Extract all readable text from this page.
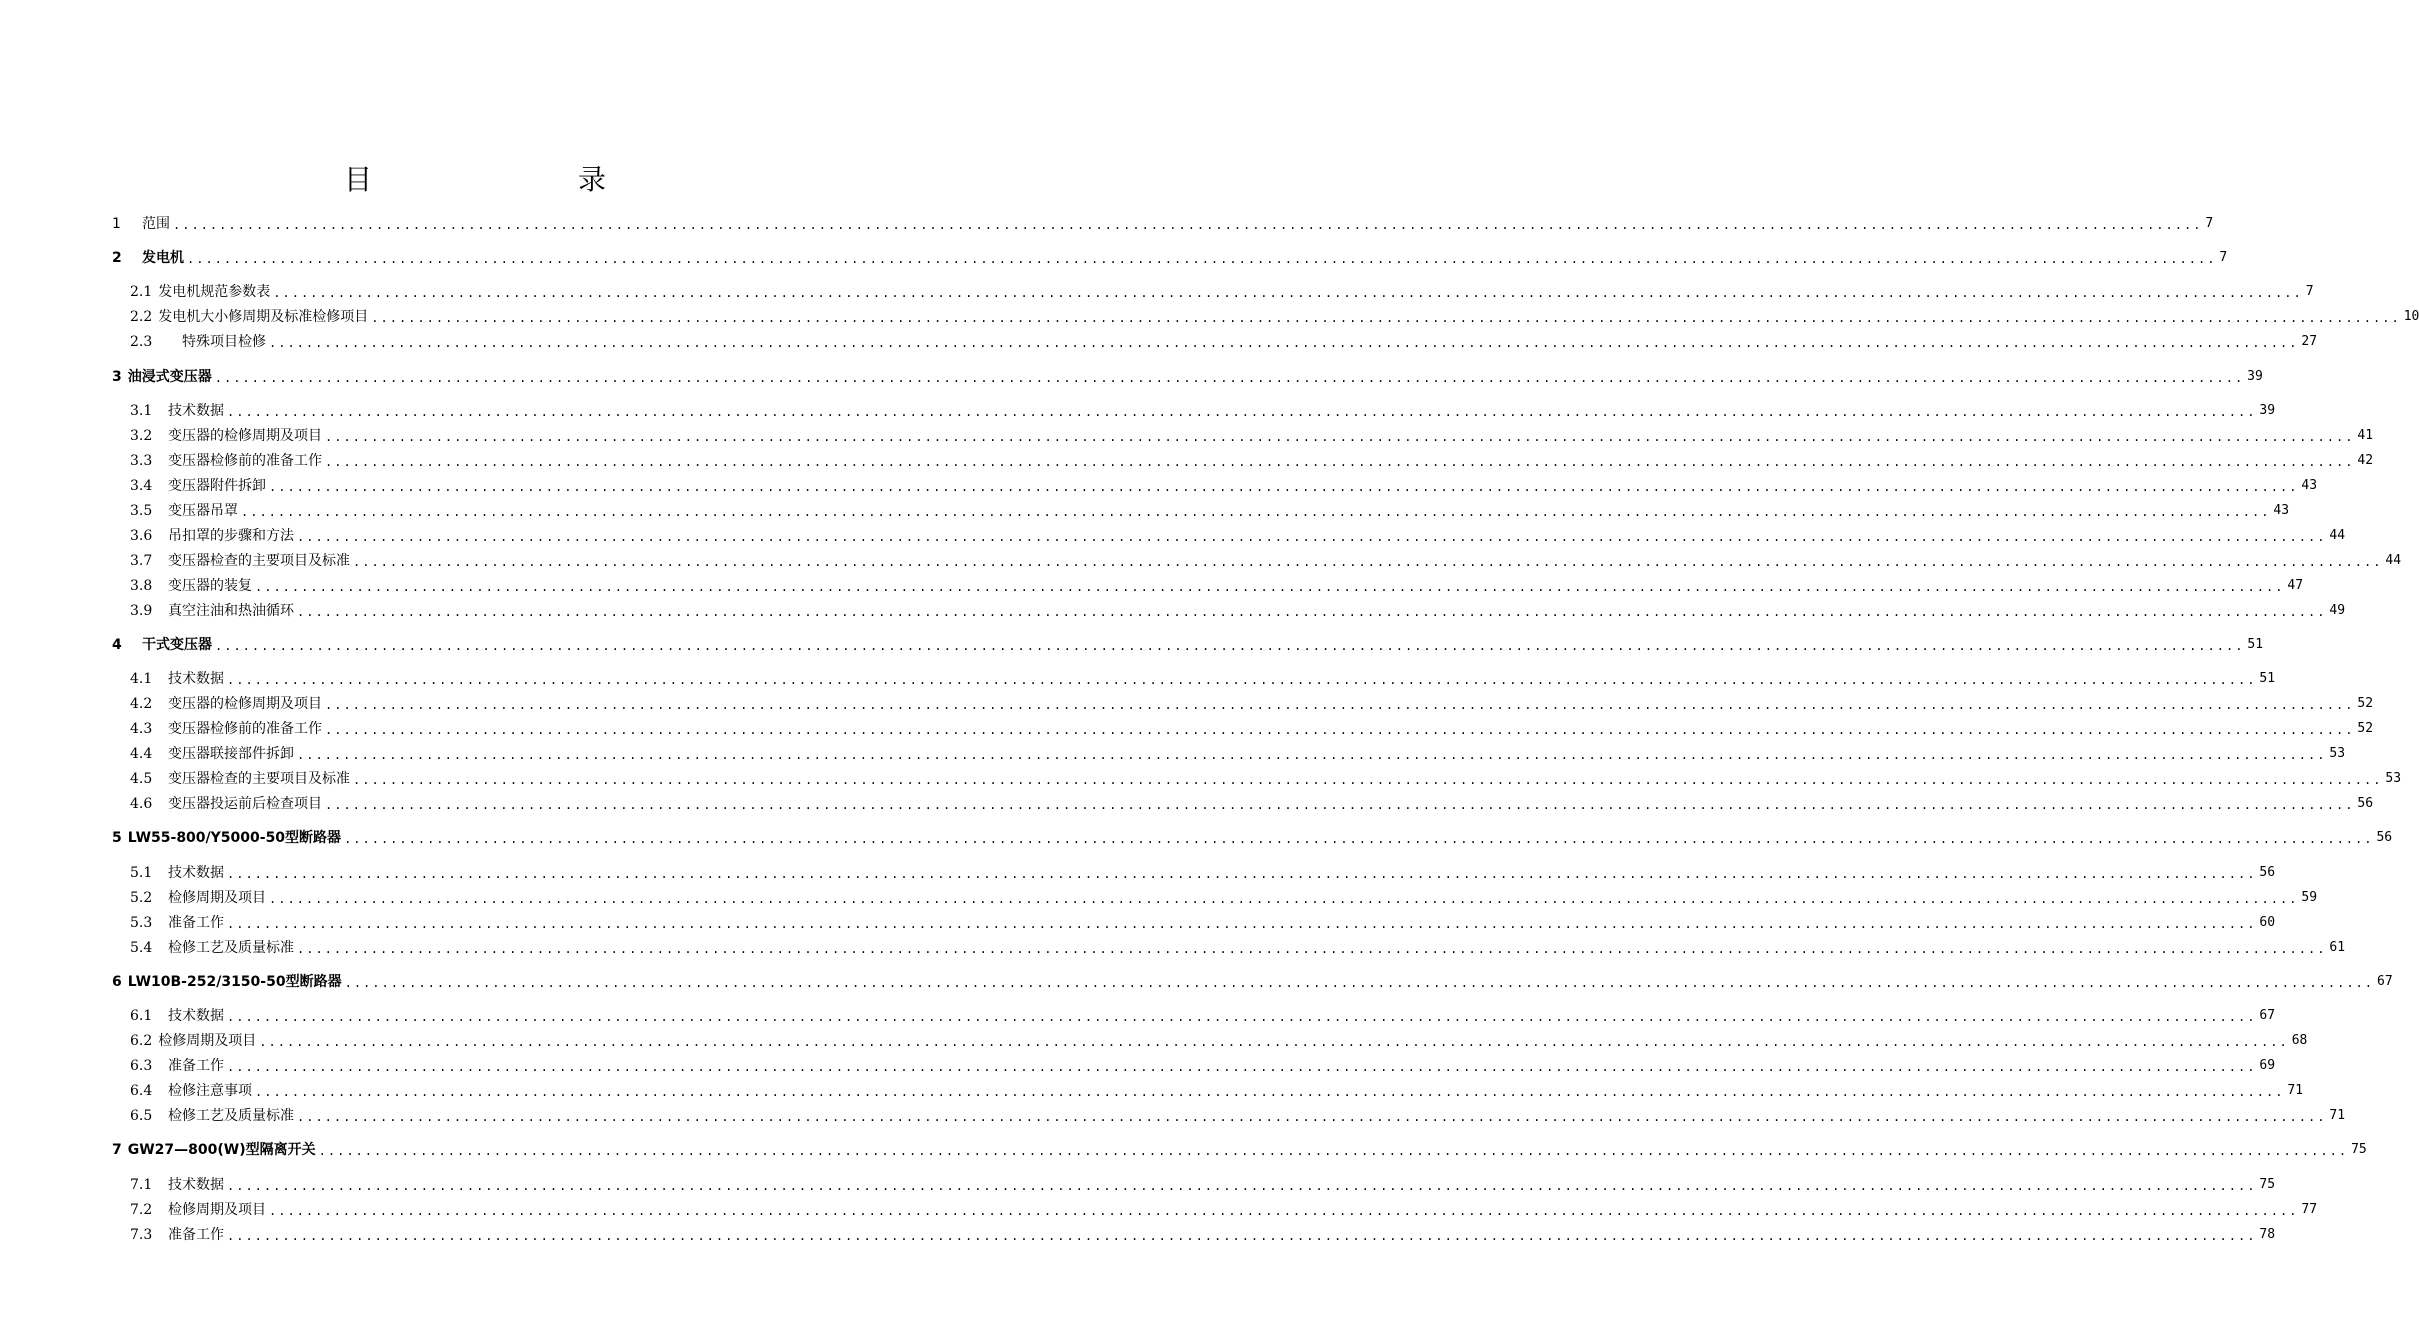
目　　录
1	范围 ............................................................................................................................................................................................................................ 7
2	发电机 ............................................................................................................................................................................................................................ 7
2.1 发电机规范参数表 ............................................................................................................................................................................................................................ 7
2.2 发电机大小修周期及标准检修项目 ............................................................................................................................................................................................................................ 10
2.3	　特殊项目检修 ............................................................................................................................................................................................................................ 27
3 油浸式变压器 ............................................................................................................................................................................................................................ 39
3.1	技术数据 ............................................................................................................................................................................................................................ 39
3.2	变压器的检修周期及项目 ............................................................................................................................................................................................................................ 41
3.3	变压器检修前的准备工作 ............................................................................................................................................................................................................................ 42
3.4	变压器附件拆卸 ............................................................................................................................................................................................................................ 43
3.5	变压器吊罩 ............................................................................................................................................................................................................................ 43
3.6	吊扣罩的步骤和方法 ............................................................................................................................................................................................................................ 44
3.7	变压器检查的主要项目及标准 ............................................................................................................................................................................................................................ 44
3.8	变压器的装复 ............................................................................................................................................................................................................................ 47
3.9	真空注油和热油循环 ............................................................................................................................................................................................................................ 49
4	干式变压器 ............................................................................................................................................................................................................................ 51
4.1	技术数据 ............................................................................................................................................................................................................................ 51
4.2	变压器的检修周期及项目 ............................................................................................................................................................................................................................ 52
4.3	变压器检修前的准备工作 ............................................................................................................................................................................................................................ 52
4.4	变压器联接部件拆卸 ............................................................................................................................................................................................................................ 53
4.5	变压器检查的主要项目及标准 ............................................................................................................................................................................................................................ 53
4.6	变压器投运前后检查项目 ............................................................................................................................................................................................................................ 56
5 LW55-800/Y5000-50型断路器 ............................................................................................................................................................................................................................ 56
5.1	技术数据 ............................................................................................................................................................................................................................ 56
5.2	检修周期及项目 ............................................................................................................................................................................................................................ 59
5.3	准备工作 ............................................................................................................................................................................................................................ 60
5.4	检修工艺及质量标准 ............................................................................................................................................................................................................................ 61
6 LW10B-252/3150-50型断路器 ............................................................................................................................................................................................................................ 67
6.1	技术数据 ............................................................................................................................................................................................................................ 67
6.2 检修周期及项目 ............................................................................................................................................................................................................................ 68
6.3	准备工作 ............................................................................................................................................................................................................................ 69
6.4	检修注意事项 ............................................................................................................................................................................................................................ 71
6.5	检修工艺及质量标准 ............................................................................................................................................................................................................................ 71
7 GW27—800(W)型隔离开关 ............................................................................................................................................................................................................................ 75
7.1	技术数据 ............................................................................................................................................................................................................................ 75
7.2	检修周期及项目 ............................................................................................................................................................................................................................ 77
7.3	准备工作 ............................................................................................................................................................................................................................ 78
